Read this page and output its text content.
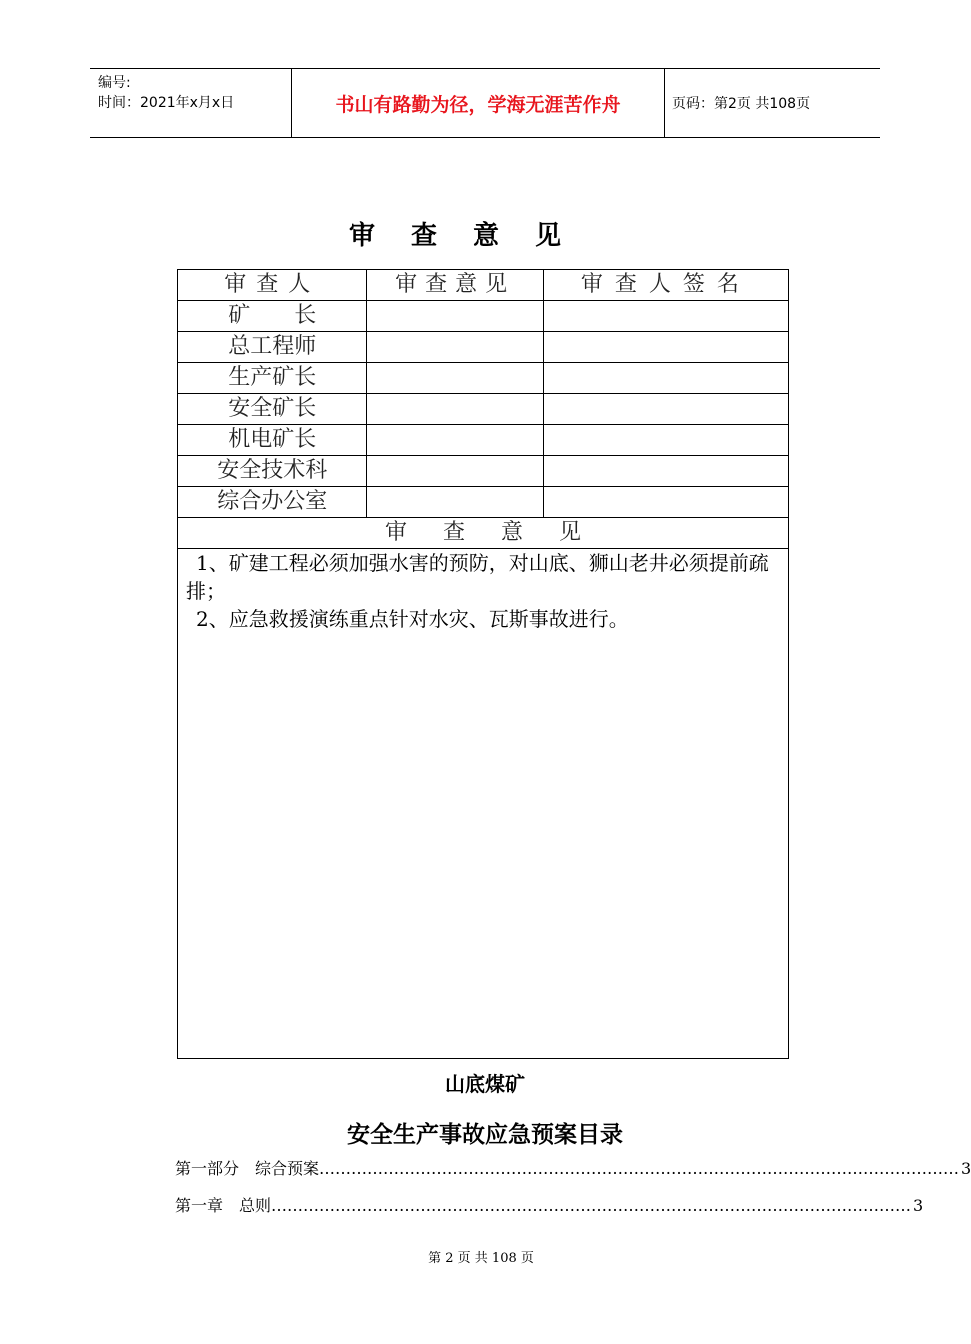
编号:
时间：2021年x月x日	书山有路勤为径，学海无涯苦作舟	页码：第2页 共108页
审 查 意 见
审查人	审查意见	审查人签名
矿　　长		
总工程师		
生产矿长		
安全矿长		
机电矿长		
安全技术科		
综合办公室		
审 查 意 见		

1、矿建工程必须加强水害的预防，对山底、狮山老井必须提前疏排；

2、应急救援演练重点针对水灾、瓦斯事故进行。		

山底煤矿
安全生产事故应急预案目录
第一部分　综合预案 ………………………………………………………………………………………………………… 3
第一章　总则 ………………………………………………………………………………………………………… 3
第 2 页 共 108 页
